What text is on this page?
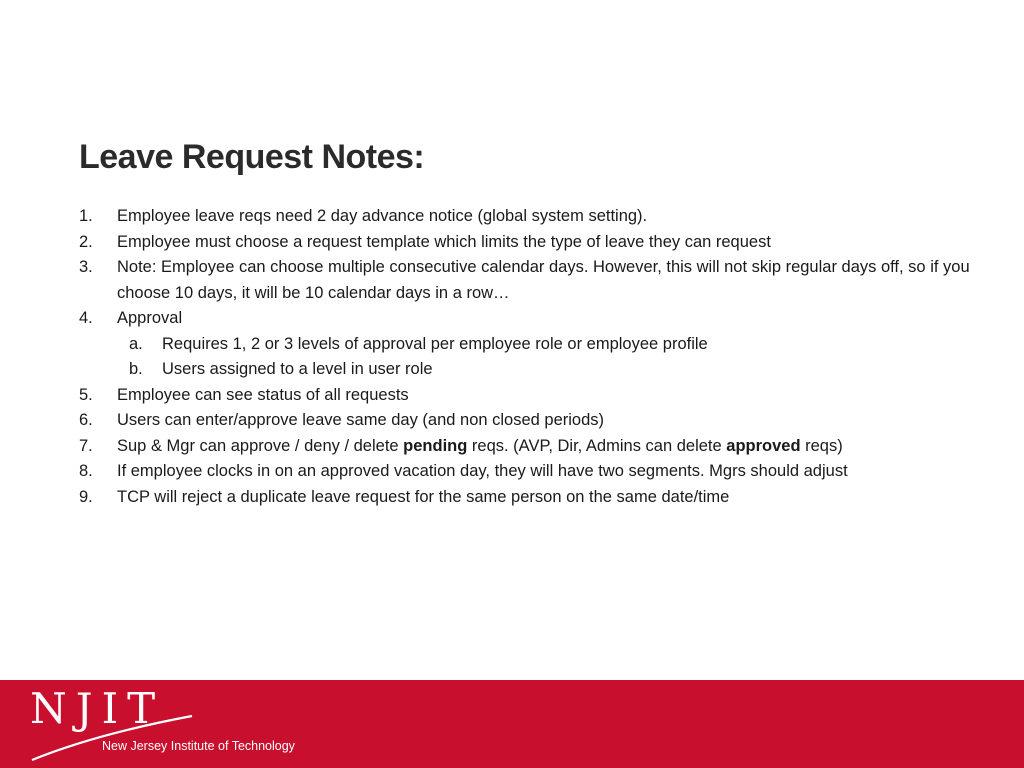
Leave Request Notes:
1.	Employee leave reqs need 2 day advance notice (global system setting).
2.	Employee must choose a request template which limits the type of leave they can request
3.	Note: Employee can choose multiple consecutive calendar days. However, this will not skip regular days off, so if you choose 10 days, it will be 10 calendar days in a row…
4.	Approval
a.	Requires 1, 2 or 3 levels of approval per employee role or employee profile
b.	Users assigned to a level in user role
5.	Employee can see status of all requests
6.	Users can enter/approve leave same day (and non closed periods)
7.	Sup & Mgr can approve / deny / delete pending reqs. (AVP, Dir, Admins can delete approved reqs)
8.	If employee clocks in on an approved vacation day, they will have two segments. Mgrs should adjust
9.	TCP will reject a duplicate leave request for the same person on the same date/time
NJIT
New Jersey Institute of Technology
